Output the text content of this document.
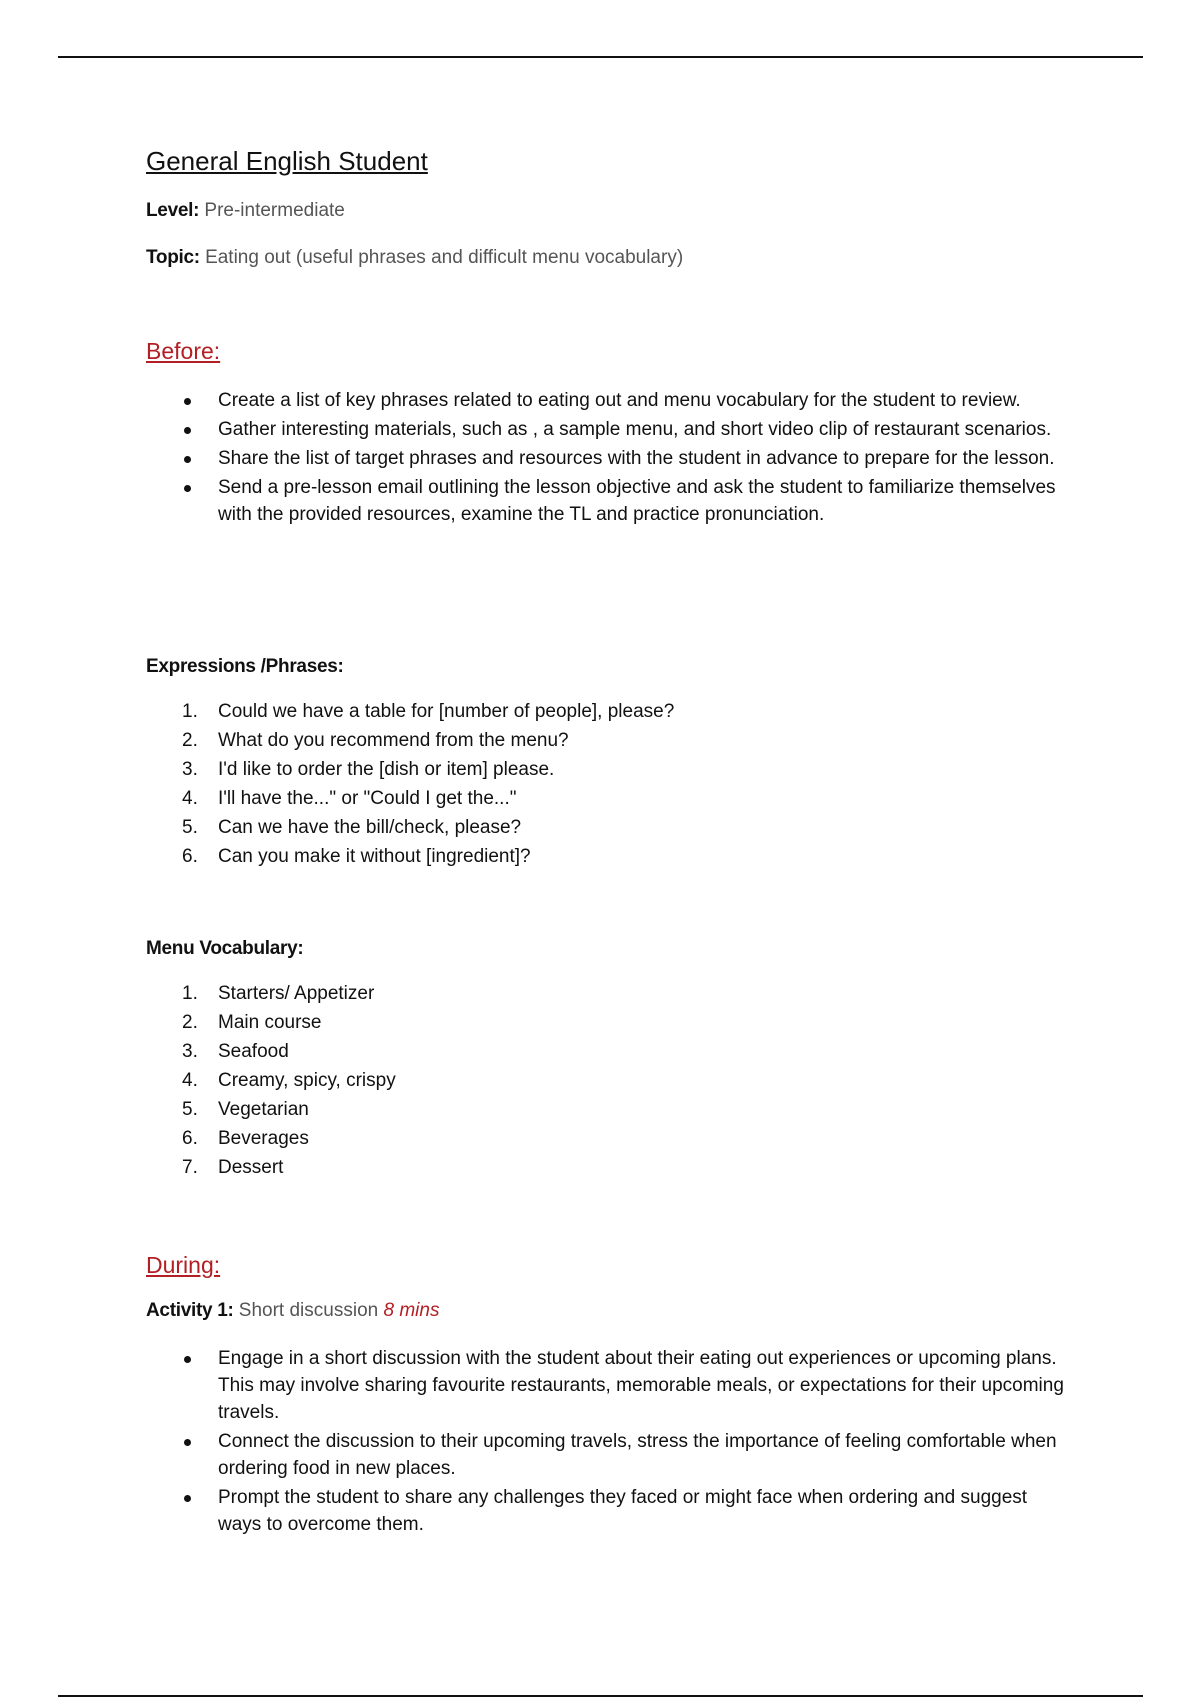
General English Student
Level: Pre-intermediate
Topic: Eating out (useful phrases and difficult menu vocabulary)
Before:
Create a list of key phrases related to eating out and menu vocabulary for the student to review.
Gather interesting materials, such as , a sample menu, and short video clip of restaurant scenarios.
Share the list of target phrases and resources with the student in advance to prepare for the lesson.
Send a pre-lesson email outlining the lesson objective and ask the student to familiarize themselves with the provided resources, examine the TL and practice pronunciation.
Expressions /Phrases:
1. Could we have a table for [number of people], please?
2. What do you recommend from the menu?
3. I'd like to order the [dish or item] please.
4. I'll have the..." or "Could I get the..."
5. Can we have the bill/check, please?
6. Can you make it without [ingredient]?
Menu Vocabulary:
1. Starters/ Appetizer
2. Main course
3. Seafood
4. Creamy, spicy, crispy
5. Vegetarian
6. Beverages
7. Dessert
During:
Activity 1: Short discussion 8 mins
Engage in a short discussion with the student about their eating out experiences or upcoming plans. This may involve sharing favourite restaurants, memorable meals, or expectations for their upcoming travels.
Connect the discussion to their upcoming travels, stress the importance of feeling comfortable when ordering food in new places.
Prompt the student to share any challenges they faced or might face when ordering and suggest ways to overcome them.
